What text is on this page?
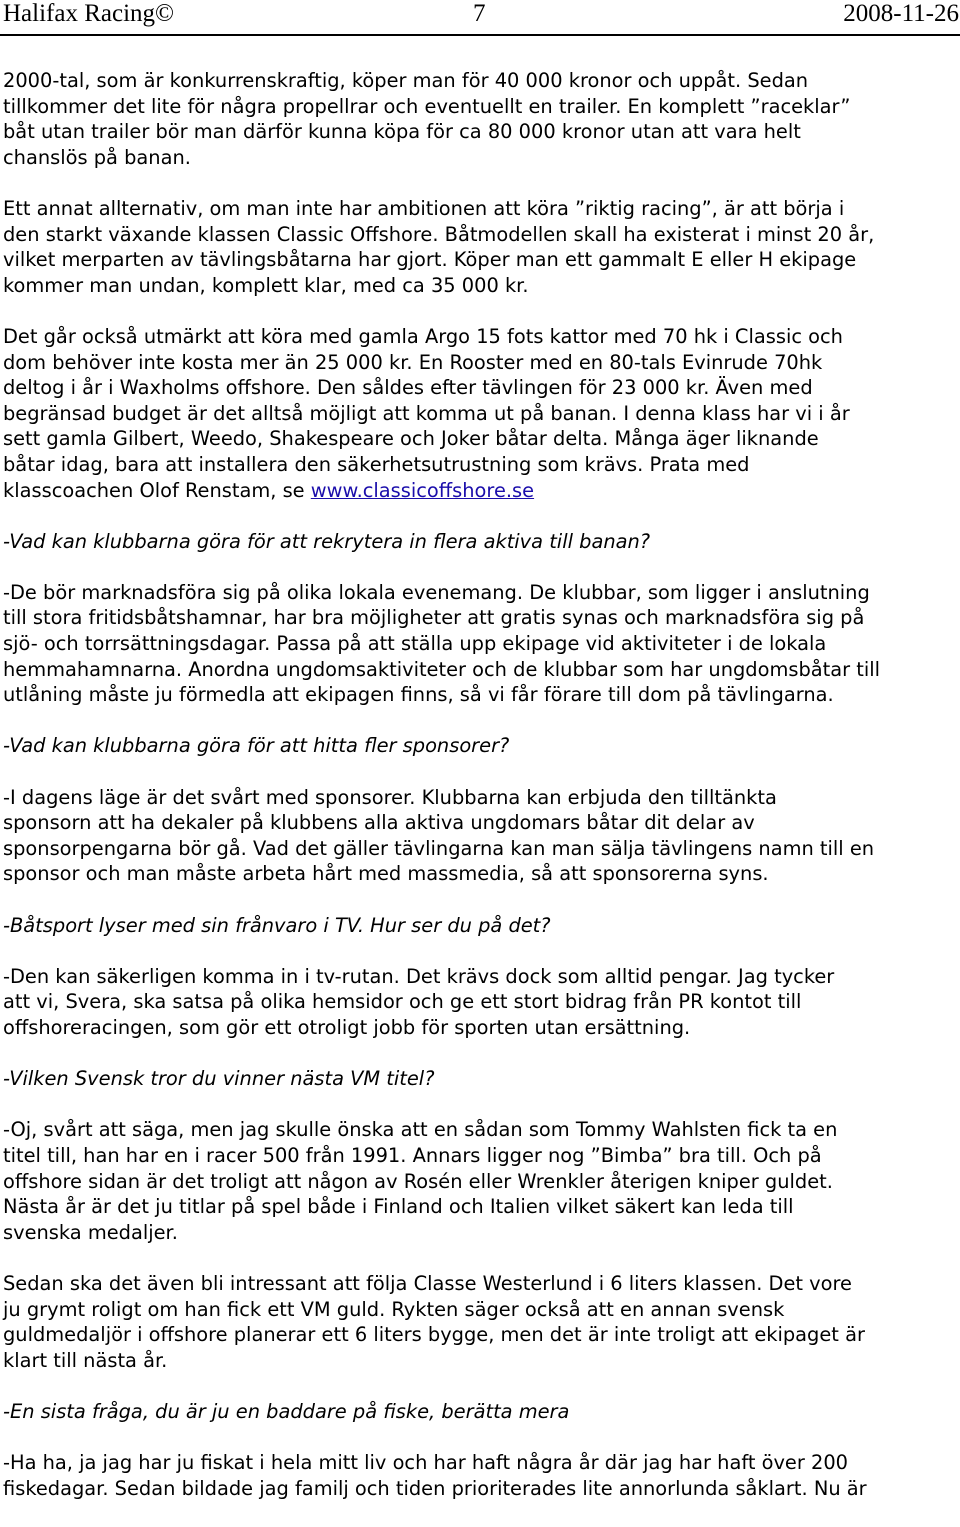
Halifax Racing©	7	2008-11-26

2000-tal, som är konkurrenskraftig, köper man för 40 000 kronor och uppåt. Sedan
tillkommer det lite för några propellrar och eventuellt en trailer. En komplett ”raceklar”
båt utan trailer bör man därför kunna köpa för ca 80 000 kronor utan att vara helt
chanslös på banan.

Ett annat allternativ, om man inte har ambitionen att köra ”riktig racing”, är att börja i
den starkt växande klassen Classic Offshore. Båtmodellen skall ha existerat i minst 20 år,
vilket merparten av tävlingsbåtarna har gjort. Köper man ett gammalt E eller H ekipage
kommer man undan, komplett klar, med ca 35 000 kr.

Det går också utmärkt att köra med gamla Argo 15 fots kattor med 70 hk i Classic och
dom behöver inte kosta mer än 25 000 kr. En Rooster med en 80-tals Evinrude 70hk
deltog i år i Waxholms offshore. Den såldes efter tävlingen för 23 000 kr. Även med
begränsad budget är det alltså möjligt att komma ut på banan. I denna klass har vi i år
sett gamla Gilbert, Weedo, Shakespeare och Joker båtar delta. Många äger liknande
båtar idag, bara att installera den säkerhetsutrustning som krävs. Prata med
klasscoachen Olof Renstam, se www.classicoffshore.se

-Vad kan klubbarna göra för att rekrytera in flera aktiva till banan?

-De bör marknadsföra sig på olika lokala evenemang. De klubbar, som ligger i anslutning
till stora fritidsbåtshamnar, har bra möjligheter att gratis synas och marknadsföra sig på
sjö- och torrsättningsdagar. Passa på att ställa upp ekipage vid aktiviteter i de lokala
hemmahamnarna. Anordna ungdomsaktiviteter och de klubbar som har ungdomsbåtar till
utlåning måste ju förmedla att ekipagen finns, så vi får förare till dom på tävlingarna.

-Vad kan klubbarna göra för att hitta fler sponsorer?

-I dagens läge är det svårt med sponsorer. Klubbarna kan erbjuda den tilltänkta
sponsorn att ha dekaler på klubbens alla aktiva ungdomars båtar dit delar av
sponsorpengarna bör gå. Vad det gäller tävlingarna kan man sälja tävlingens namn till en
sponsor och man måste arbeta hårt med massmedia, så att sponsorerna syns.

-Båtsport lyser med sin frånvaro i TV. Hur ser du på det?

-Den kan säkerligen komma in i tv-rutan. Det krävs dock som alltid pengar. Jag tycker
att vi, Svera, ska satsa på olika hemsidor och ge ett stort bidrag från PR kontot till
offshoreracingen, som gör ett otroligt jobb för sporten utan ersättning.

-Vilken Svensk tror du vinner nästa VM titel?

-Oj, svårt att säga, men jag skulle önska att en sådan som Tommy Wahlsten fick ta en
titel till, han har en i racer 500 från 1991. Annars ligger nog ”Bimba” bra till. Och på
offshore sidan är det troligt att någon av Rosén eller Wrenkler återigen kniper guldet.
Nästa år är det ju titlar på spel både i Finland och Italien vilket säkert kan leda till
svenska medaljer.

Sedan ska det även bli intressant att följa Classe Westerlund i 6 liters klassen. Det vore
ju grymt roligt om han fick ett VM guld. Rykten säger också att en annan svensk
guldmedaljör i offshore planerar ett 6 liters bygge, men det är inte troligt att ekipaget är
klart till nästa år.

-En sista fråga, du är ju en baddare på fiske, berätta mera

-Ha ha, ja jag har ju fiskat i hela mitt liv och har haft några år där jag har haft över 200
fiskedagar. Sedan bildade jag familj och tiden prioriterades lite annorlunda såklart. Nu är
